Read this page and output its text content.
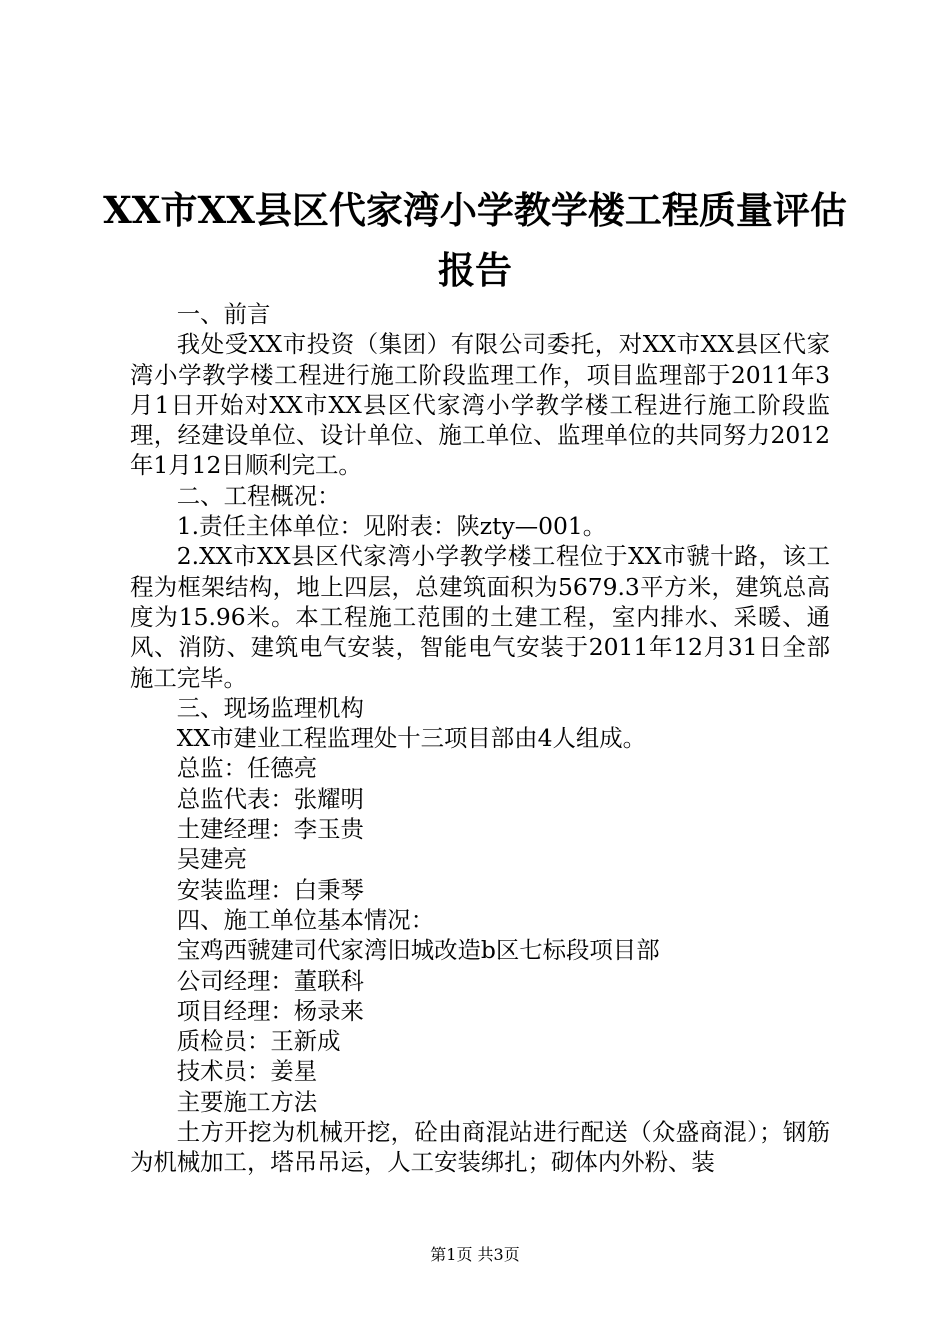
XX市XX县区代家湾小学教学楼工程质量评估
报告

一、前言

我处受XX市投资（集团）有限公司委托，对XX市XX县区代家湾小学教学楼工程进行施工阶段监理工作，项目监理部于2011年3月1日开始对XX市XX县区代家湾小学教学楼工程进行施工阶段监理，经建设单位、设计单位、施工单位、监理单位的共同努力2012年1月12日顺利完工。

二、工程概况：

1.责任主体单位：见附表：陕zty—001。

2.XX市XX县区代家湾小学教学楼工程位于XX市虢十路，该工程为框架结构，地上四层，总建筑面积为5679.3平方米，建筑总高度为15.96米。本工程施工范围的土建工程，室内排水、采暖、通风、消防、建筑电气安装，智能电气安装于2011年12月31日全部施工完毕。

三、现场监理机构

XX市建业工程监理处十三项目部由4人组成。

总监：任德亮

总监代表：张耀明

土建经理：李玉贵

吴建亮

安装监理：白秉琴

四、施工单位基本情况：

宝鸡西虢建司代家湾旧城改造b区七标段项目部

公司经理：董联科

项目经理：杨录来

质检员：王新成

技术员：姜星

主要施工方法

土方开挖为机械开挖，砼由商混站进行配送（众盛商混）；钢筋为机械加工，塔吊吊运，人工安装绑扎；砌体内外粉、装

第1页 共3页
